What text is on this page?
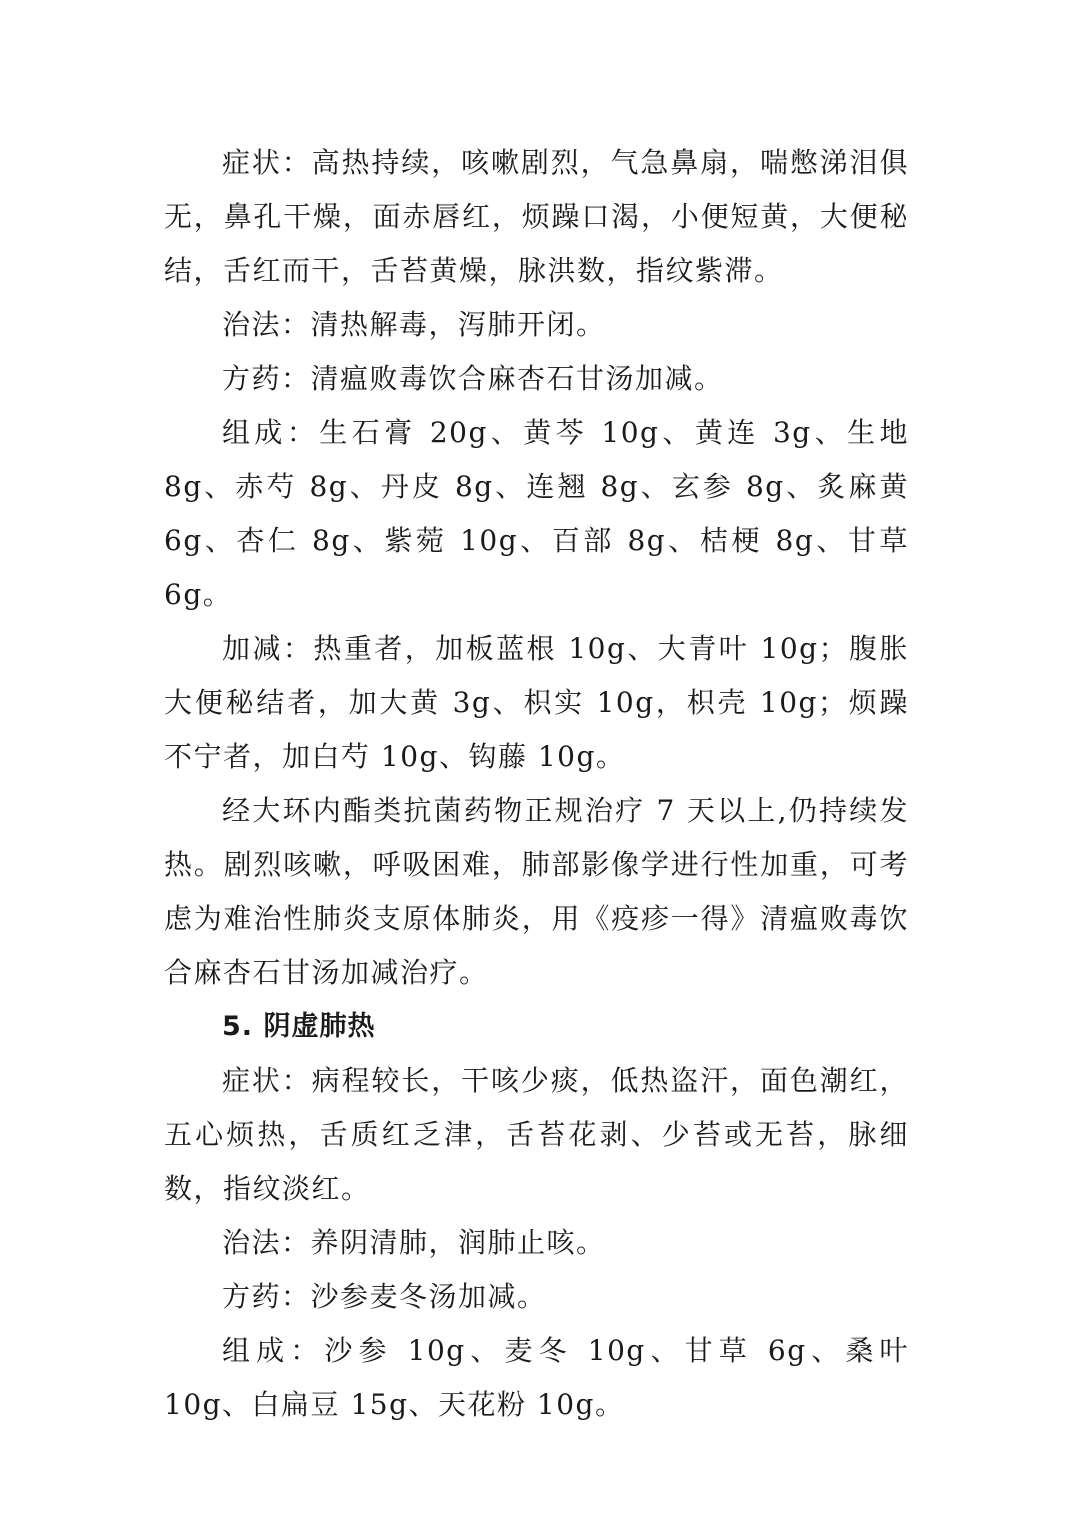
症状：高热持续，咳嗽剧烈，气急鼻扇，喘憋涕泪俱无，鼻孔干燥，面赤唇红，烦躁口渴，小便短黄，大便秘结，舌红而干，舌苔黄燥，脉洪数，指纹紫滞。

治法：清热解毒，泻肺开闭。

方药：清瘟败毒饮合麻杏石甘汤加减。

组成：生石膏 20g、黄芩 10g、黄连 3g、生地 8g、赤芍 8g、丹皮 8g、连翘 8g、玄参 8g、炙麻黄 6g、杏仁 8g、紫菀 10g、百部 8g、桔梗 8g、甘草 6g。

加减：热重者，加板蓝根 10g、大青叶 10g；腹胀大便秘结者，加大黄 3g、枳实 10g，枳壳 10g；烦躁不宁者，加白芍 10g、钩藤 10g。

经大环内酯类抗菌药物正规治疗 7 天以上,仍持续发热。剧烈咳嗽，呼吸困难，肺部影像学进行性加重，可考虑为难治性肺炎支原体肺炎，用《疫疹一得》清瘟败毒饮合麻杏石甘汤加减治疗。

5. 阴虚肺热

症状：病程较长，干咳少痰，低热盗汗，面色潮红，五心烦热，舌质红乏津，舌苔花剥、少苔或无苔，脉细数，指纹淡红。

治法：养阴清肺，润肺止咳。

方药：沙参麦冬汤加减。

组成：沙参 10g、麦冬 10g、甘草 6g、桑叶 10g、白扁豆 15g、天花粉 10g。
